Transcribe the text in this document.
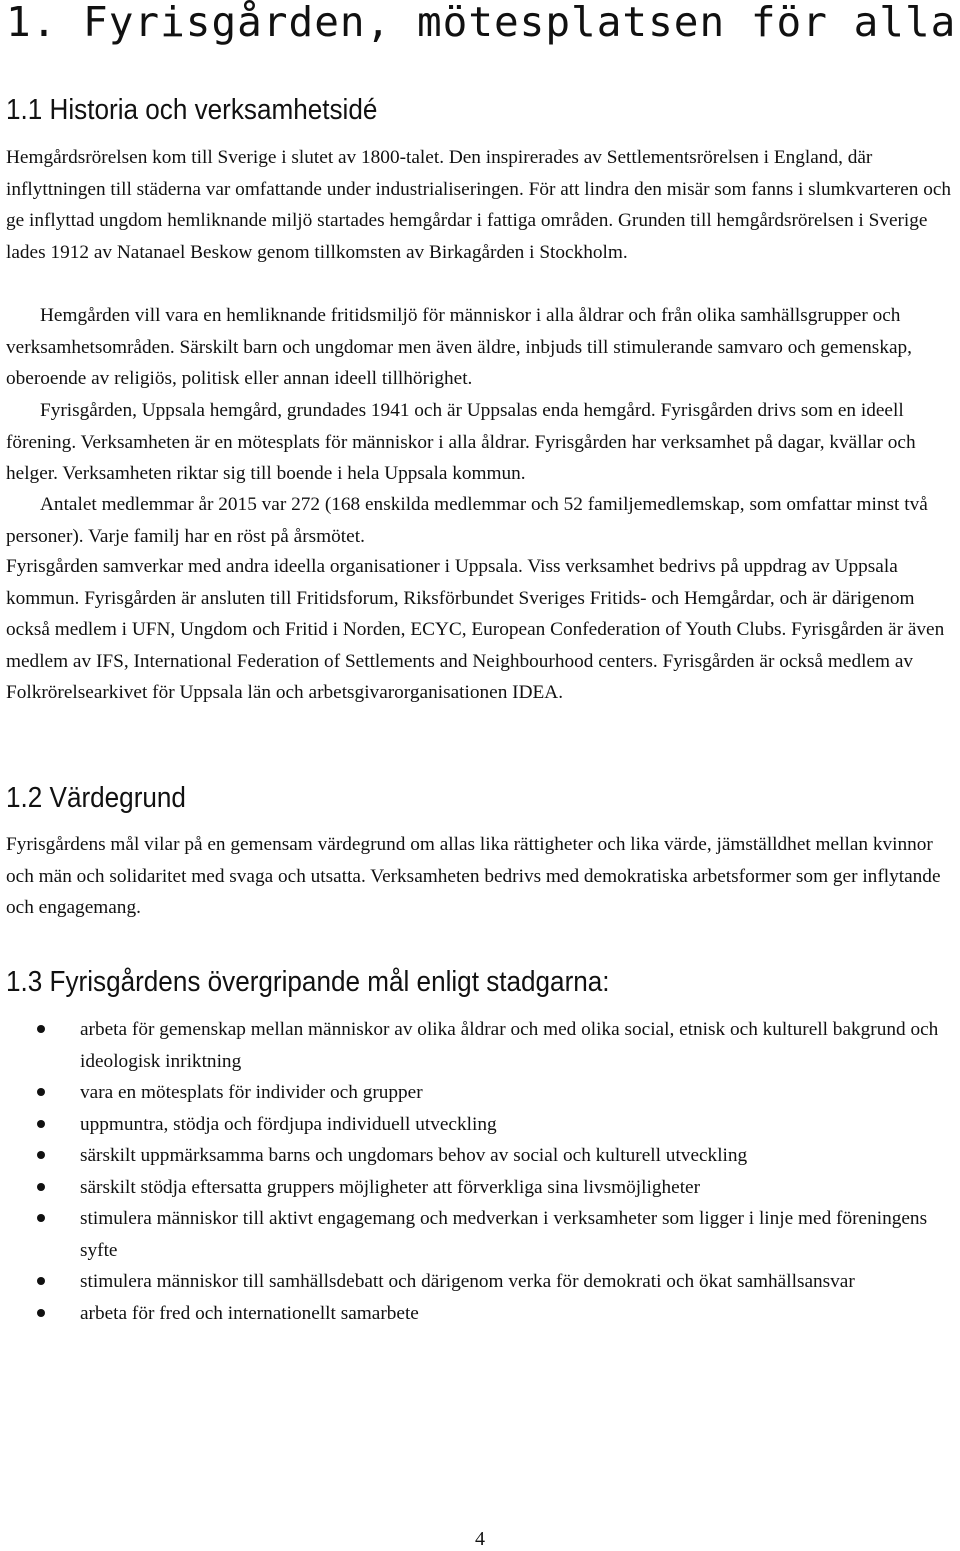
1. Fyrisgården, mötesplatsen för alla
1.1 Historia och verksamhetsidé

Hemgårdsrörelsen kom till Sverige i slutet av 1800-talet. Den inspirerades av Settlementsrörelsen i England, där inflyttningen till städerna var omfattande under industrialiseringen. För att lindra den misär som fanns i slumkvarteren och ge inflyttad ungdom hemliknande miljö startades hemgårdar i fattiga områden. Grunden till hemgårdsrörelsen i Sverige lades 1912 av Natanael Beskow genom tillkomsten av Birkagården i Stockholm.

Hemgården vill vara en hemliknande fritidsmiljö för människor i alla åldrar och från olika samhällsgrupper och verksamhetsområden. Särskilt barn och ungdomar men även äldre, inbjuds till stimulerande samvaro och gemenskap, oberoende av religiös, politisk eller annan ideell tillhörighet.

Fyrisgården, Uppsala hemgård, grundades 1941 och är Uppsalas enda hemgård. Fyrisgården drivs som en ideell förening. Verksamheten är en mötesplats för människor i alla åldrar. Fyrisgården har verksamhet på dagar, kvällar och helger. Verksamheten riktar sig till boende i hela Uppsala kommun.

Antalet medlemmar år 2015 var 272 (168 enskilda medlemmar och 52 familjemedlemskap, som omfattar minst två personer). Varje familj har en röst på årsmötet.

Fyrisgården samverkar med andra ideella organisationer i Uppsala. Viss verksamhet bedrivs på uppdrag av Uppsala kommun. Fyrisgården är ansluten till Fritidsforum, Riksförbundet Sveriges Fritids- och Hemgårdar, och är därigenom också medlem i UFN, Ungdom och Fritid i Norden, ECYC, European Confederation of Youth Clubs. Fyrisgården är även medlem av IFS, International Federation of Settlements and Neighbourhood centers. Fyrisgården är också medlem av Folkrörelsearkivet för Uppsala län och arbetsgivarorganisationen IDEA.

1.2 Värdegrund

Fyrisgårdens mål vilar på en gemensam värdegrund om allas lika rättigheter och lika värde, jämställdhet mellan kvinnor och män och solidaritet med svaga och utsatta. Verksamheten bedrivs med demokratiska arbetsformer som ger inflytande och engagemang.

1.3 Fyrisgårdens övergripande mål enligt stadgarna:
arbeta för gemenskap mellan människor av olika åldrar och med olika social, etnisk och kulturell bakgrund och ideologisk inriktning
vara en mötesplats för individer och grupper
uppmuntra, stödja och fördjupa individuell utveckling
särskilt uppmärksamma barns och ungdomars behov av social och kulturell utveckling
särskilt stödja eftersatta gruppers möjligheter att förverkliga sina livsmöjligheter
stimulera människor till aktivt engagemang och medverkan i verksamheter som ligger i linje med föreningens syfte
stimulera människor till samhällsdebatt och därigenom verka för demokrati och ökat samhällsansvar
arbeta för fred och internationellt samarbete

4
